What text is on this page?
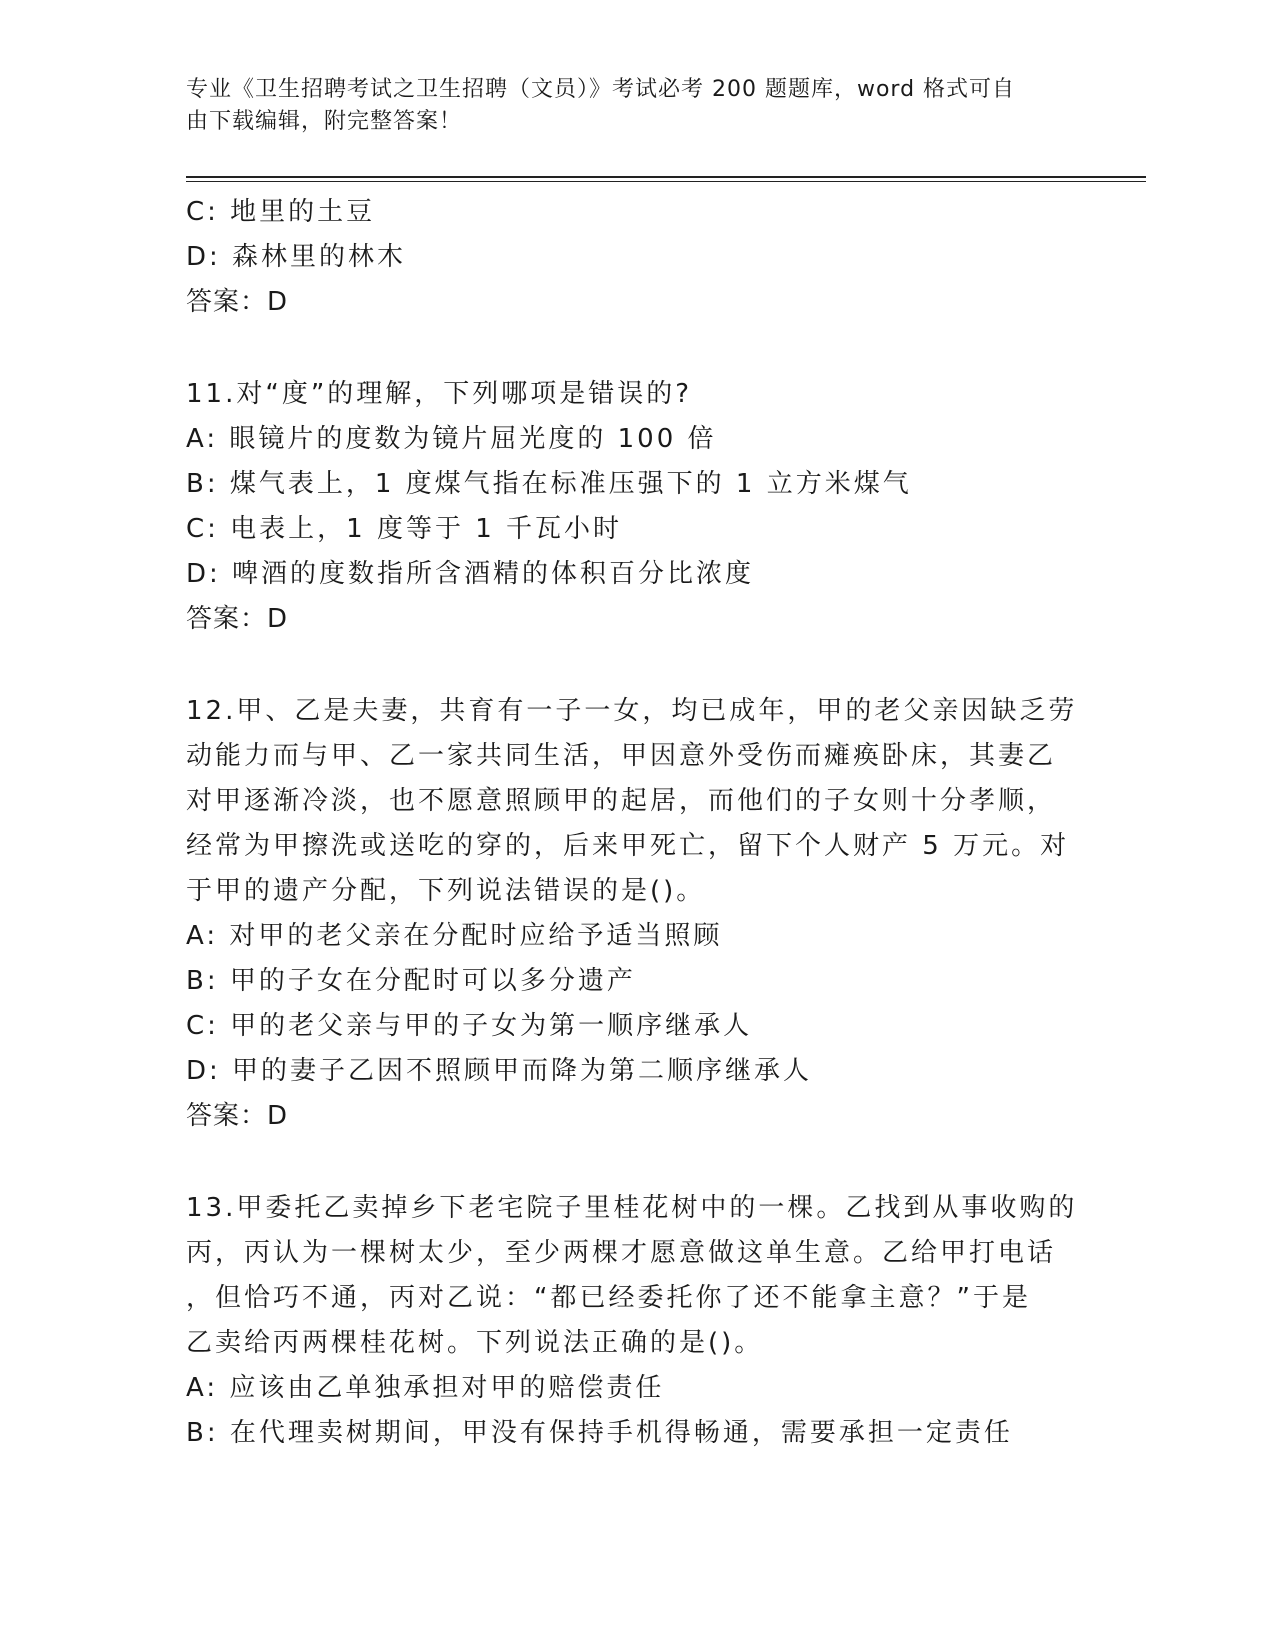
专业《卫生招聘考试之卫生招聘（文员）》考试必考 200 题题库，word 格式可自
由下载编辑，附完整答案！
C: 地里的土豆
D: 森林里的林木
答案：D
11.对“度”的理解，下列哪项是错误的?
A: 眼镜片的度数为镜片屈光度的 100 倍
B: 煤气表上，1 度煤气指在标准压强下的 1 立方米煤气
C: 电表上，1 度等于 1 千瓦小时
D: 啤酒的度数指所含酒精的体积百分比浓度
答案：D
12.甲、乙是夫妻，共育有一子一女，均已成年，甲的老父亲因缺乏劳
动能力而与甲、乙一家共同生活，甲因意外受伤而瘫痪卧床，其妻乙
对甲逐渐冷淡，也不愿意照顾甲的起居，而他们的子女则十分孝顺，
经常为甲擦洗或送吃的穿的，后来甲死亡，留下个人财产 5 万元。对
于甲的遗产分配，下列说法错误的是()。
A: 对甲的老父亲在分配时应给予适当照顾
B: 甲的子女在分配时可以多分遗产
C: 甲的老父亲与甲的子女为第一顺序继承人
D: 甲的妻子乙因不照顾甲而降为第二顺序继承人
答案：D
13.甲委托乙卖掉乡下老宅院子里桂花树中的一棵。乙找到从事收购的
丙，丙认为一棵树太少，至少两棵才愿意做这单生意。乙给甲打电话
，但恰巧不通，丙对乙说：“都已经委托你了还不能拿主意？”于是
乙卖给丙两棵桂花树。下列说法正确的是()。
A: 应该由乙单独承担对甲的赔偿责任
B: 在代理卖树期间，甲没有保持手机得畅通，需要承担一定责任
